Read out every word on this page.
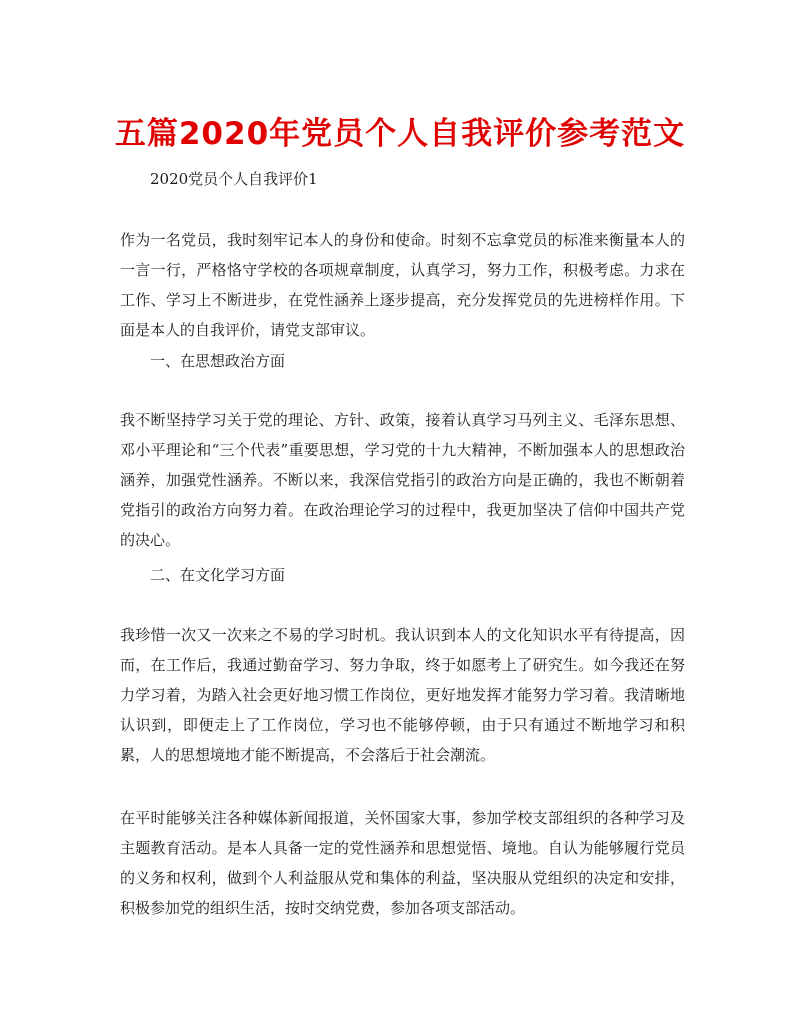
五篇2020年党员个人自我评价参考范文

2020党员个人自我评价1

作为一名党员，我时刻牢记本人的身份和使命。时刻不忘拿党员的标准来衡量本人的一言一行，严格恪守学校的各项规章制度，认真学习，努力工作，积极考虑。力求在工作、学习上不断进步，在党性涵养上逐步提高，充分发挥党员的先进榜样作用。下面是本人的自我评价，请党支部审议。

一、在思想政治方面

我不断坚持学习关于党的理论、方针、政策，接着认真学习马列主义、毛泽东思想、邓小平理论和“三个代表”重要思想，学习党的十九大精神，不断加强本人的思想政治涵养，加强党性涵养。不断以来，我深信党指引的政治方向是正确的，我也不断朝着党指引的政治方向努力着。在政治理论学习的过程中，我更加坚决了信仰中国共产党的决心。

二、在文化学习方面

我珍惜一次又一次来之不易的学习时机。我认识到本人的文化知识水平有待提高，因而，在工作后，我通过勤奋学习、努力争取，终于如愿考上了研究生。如今我还在努力学习着，为踏入社会更好地习惯工作岗位，更好地发挥才能努力学习着。我清晰地认识到，即便走上了工作岗位，学习也不能够停顿，由于只有通过不断地学习和积累，人的思想境地才能不断提高，不会落后于社会潮流。

在平时能够关注各种媒体新闻报道，关怀国家大事，参加学校支部组织的各种学习及主题教育活动。是本人具备一定的党性涵养和思想觉悟、境地。自认为能够履行党员的义务和权利，做到个人利益服从党和集体的利益，坚决服从党组织的决定和安排，积极参加党的组织生活，按时交纳党费，参加各项支部活动。
